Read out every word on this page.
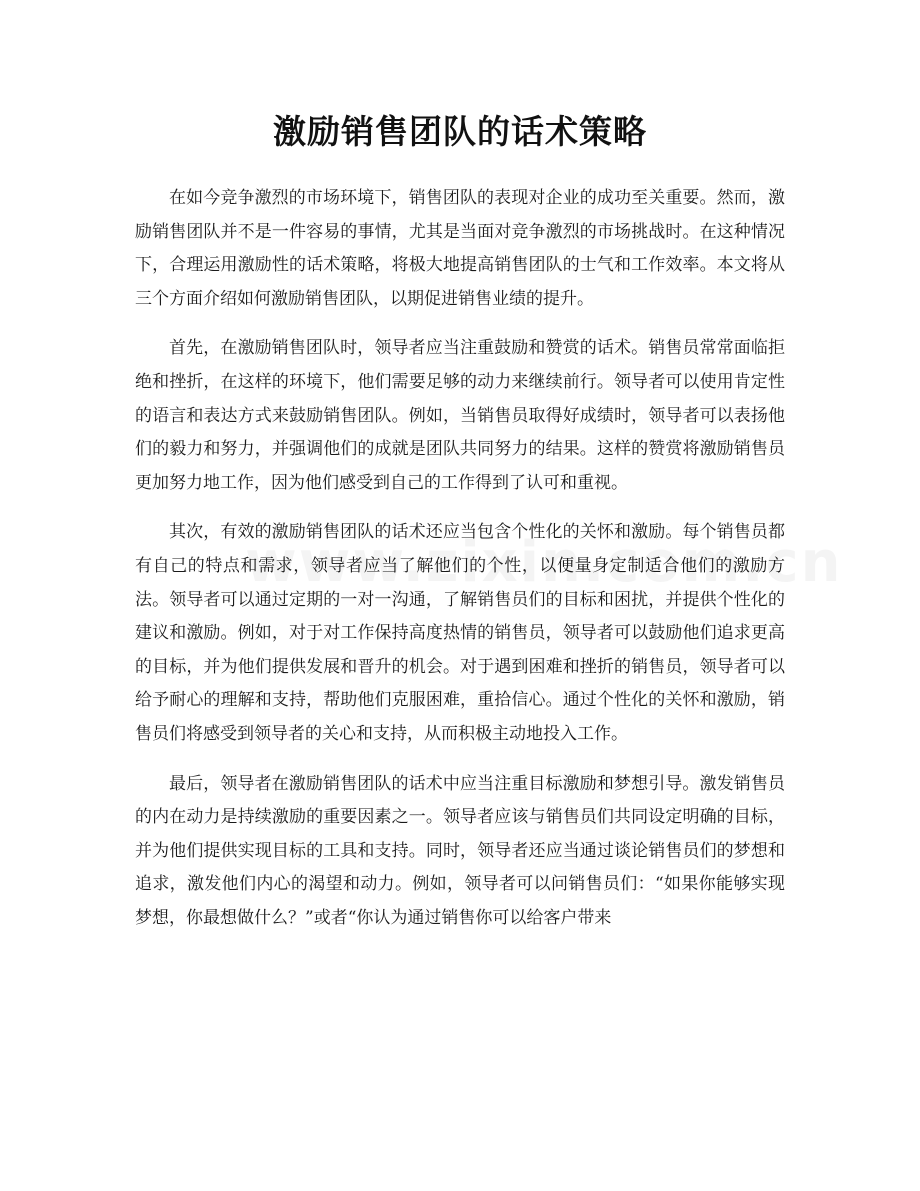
激励销售团队的话术策略

在如今竞争激烈的市场环境下，销售团队的表现对企业的成功至关重要。然而，激励销售团队并不是一件容易的事情，尤其是当面对竞争激烈的市场挑战时。在这种情况下，合理运用激励性的话术策略，将极大地提高销售团队的士气和工作效率。本文将从三个方面介绍如何激励销售团队，以期促进销售业绩的提升。

首先，在激励销售团队时，领导者应当注重鼓励和赞赏的话术。销售员常常面临拒绝和挫折，在这样的环境下，他们需要足够的动力来继续前行。领导者可以使用肯定性的语言和表达方式来鼓励销售团队。例如，当销售员取得好成绩时，领导者可以表扬他们的毅力和努力，并强调他们的成就是团队共同努力的结果。这样的赞赏将激励销售员更加努力地工作，因为他们感受到自己的工作得到了认可和重视。

其次，有效的激励销售团队的话术还应当包含个性化的关怀和激励。每个销售员都有自己的特点和需求，领导者应当了解他们的个性，以便量身定制适合他们的激励方法。领导者可以通过定期的一对一沟通，了解销售员们的目标和困扰，并提供个性化的建议和激励。例如，对于对工作保持高度热情的销售员，领导者可以鼓励他们追求更高的目标，并为他们提供发展和晋升的机会。对于遇到困难和挫折的销售员，领导者可以给予耐心的理解和支持，帮助他们克服困难，重拾信心。通过个性化的关怀和激励，销售员们将感受到领导者的关心和支持，从而积极主动地投入工作。

最后，领导者在激励销售团队的话术中应当注重目标激励和梦想引导。激发销售员的内在动力是持续激励的重要因素之一。领导者应该与销售员们共同设定明确的目标，并为他们提供实现目标的工具和支持。同时，领导者还应当通过谈论销售员们的梦想和追求，激发他们内心的渴望和动力。例如，领导者可以问销售员们：“如果你能够实现梦想，你最想做什么？”或者“你认为通过销售你可以给客户带来
